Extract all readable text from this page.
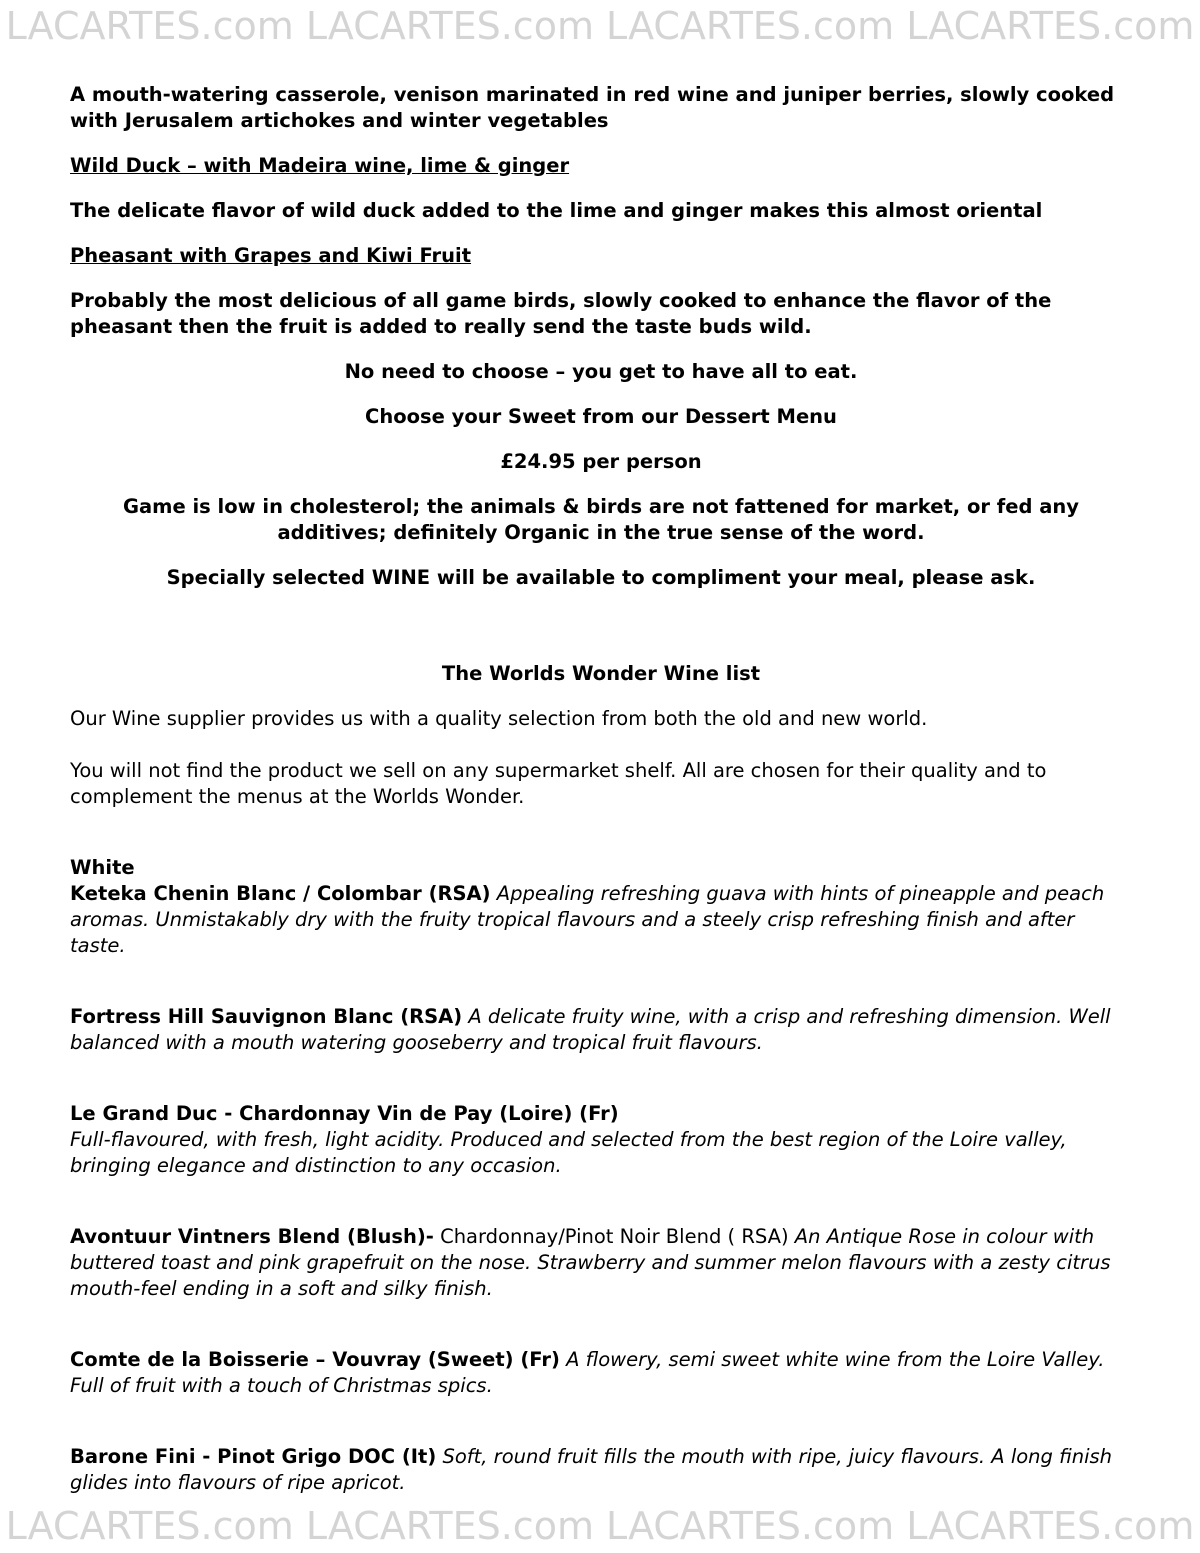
LACARTES.com LACARTES.com LACARTES.com LACARTES.com

A mouth-watering casserole, venison marinated in red wine and juniper berries, slowly cooked with Jerusalem artichokes and winter vegetables

Wild Duck – with Madeira wine, lime & ginger

The delicate flavor of wild duck added to the lime and ginger makes this almost oriental

Pheasant with Grapes and Kiwi Fruit

Probably the most delicious of all game birds, slowly cooked to enhance the flavor of the pheasant then the fruit is added to really send the taste buds wild.

No need to choose – you get to have all to eat.

Choose your Sweet from our Dessert Menu

£24.95 per person

Game is low in cholesterol; the animals & birds are not fattened for market, or fed any additives; definitely Organic in the true sense of the word.

Specially selected WINE will be available to compliment your meal, please ask.

The Worlds Wonder Wine list

Our Wine supplier provides us with a quality selection from both the old and new world.

You will not find the product we sell on any supermarket shelf. All are chosen for their quality and to complement the menus at the Worlds Wonder.

White

Keteka Chenin Blanc / Colombar (RSA) Appealing refreshing guava with hints of pineapple and peach aromas. Unmistakably dry with the fruity tropical flavours and a steely crisp refreshing finish and after taste.

Fortress Hill Sauvignon Blanc (RSA) A delicate fruity wine, with a crisp and refreshing dimension. Well balanced with a mouth watering gooseberry and tropical fruit flavours.

Le Grand Duc - Chardonnay Vin de Pay (Loire) (Fr)
Full-flavoured, with fresh, light acidity. Produced and selected from the best region of the Loire valley, bringing elegance and distinction to any occasion.

Avontuur Vintners Blend (Blush)- Chardonnay/Pinot Noir Blend ( RSA) An Antique Rose in colour with buttered toast and pink grapefruit on the nose. Strawberry and summer melon flavours with a zesty citrus mouth-feel ending in a soft and silky finish.

Comte de la Boisserie – Vouvray (Sweet) (Fr) A flowery, semi sweet white wine from the Loire Valley. Full of fruit with a touch of Christmas spics.

Barone Fini - Pinot Grigo DOC (It) Soft, round fruit fills the mouth with ripe, juicy flavours. A long finish glides into flavours of ripe apricot.

LACARTES.com LACARTES.com LACARTES.com LACARTES.com
